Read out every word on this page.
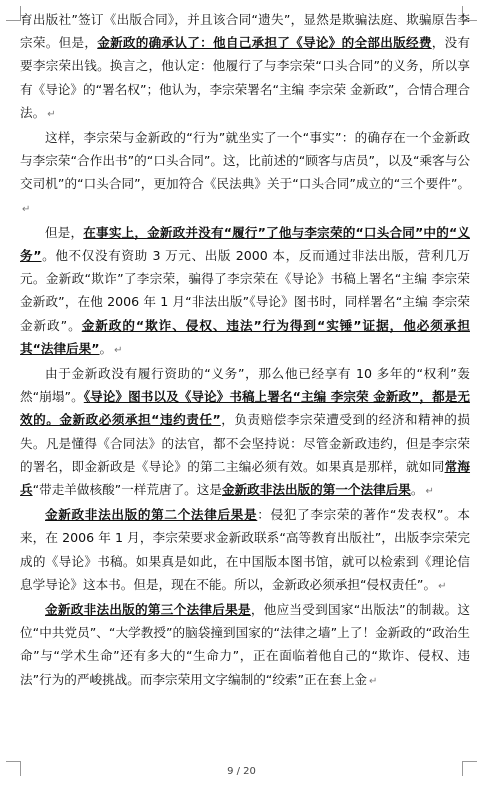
育出版社”签订《出版合同》，并且该合同“遗失”，显然是欺骗法庭、欺骗原告李宗荣。但是，金新政的确承认了：他自己承担了《导论》的全部出版经费，没有要李宗荣出钱。换言之，他认定：他履行了与李宗荣“口头合同”的义务，所以享有《导论》的“署名权”；他认为，李宗荣署名“主编 李宗荣 金新政”，合情合理合法。 ↵

这样，李宗荣与金新政的“行为”就坐实了一个“事实”：的确存在一个金新政与李宗荣“合作出书”的“口头合同”。这，比前述的“顾客与店员”，以及“乘客与公交司机”的“口头合同”，更加符合《民法典》关于“口头合同”成立的“三个要件”。↵

但是，在事实上，金新政并没有“履行”了他与李宗荣的“口头合同”中的“义务”。他不仅没有资助 3 万元、出版 2000 本，反而通过非法出版，营利几万元。金新政“欺诈”了李宗荣，骗得了李宗荣在《导论》书稿上署名“主编 李宗荣 金新政”，在他 2006 年 1 月“非法出版”《导论》图书时，同样署名“主编 李宗荣 金新政”。金新政的“欺诈、侵权、违法”行为得到“实锤”证据，他必须承担其“法律后果”。 ↵

由于金新政没有履行资助的“义务”，那么他已经享有 10 多年的“权利”轰然“崩塌”。《导论》图书以及《导论》书稿上署名“主编 李宗荣 金新政”，都是无效的。金新政必须承担“违约责任”，负责赔偿李宗荣遭受到的经济和精神的损失。凡是懂得《合同法》的法官，都不会坚持说：尽管金新政违约，但是李宗荣的署名，即金新政是《导论》的第二主编必须有效。如果真是那样，就如同常海兵“带走羊做核酸”一样荒唐了。这是金新政非法出版的第一个法律后果。 ↵

金新政非法出版的第二个法律后果是：侵犯了李宗荣的著作“发表权”。本来，在 2006 年 1 月，李宗荣要求金新政联系“高等教育出版社”，出版李宗荣完成的《导论》书稿。如果真是如此，在中国版本图书馆，就可以检索到《理论信息学导论》这本书。但是，现在不能。所以，金新政必须承担“侵权责任”。 ↵

金新政非法出版的第三个法律后果是，他应当受到国家“出版法”的制裁。这位“中共党员”、“大学教授”的脑袋撞到国家的“法律之墙”上了！金新政的“政治生命”与“学术生命”还有多大的“生命力”，正在面临着他自己的“欺诈、侵权、违法”行为的严峻挑战。而李宗荣用文字编制的“绞索”正在套上金 ↵

9 / 20
